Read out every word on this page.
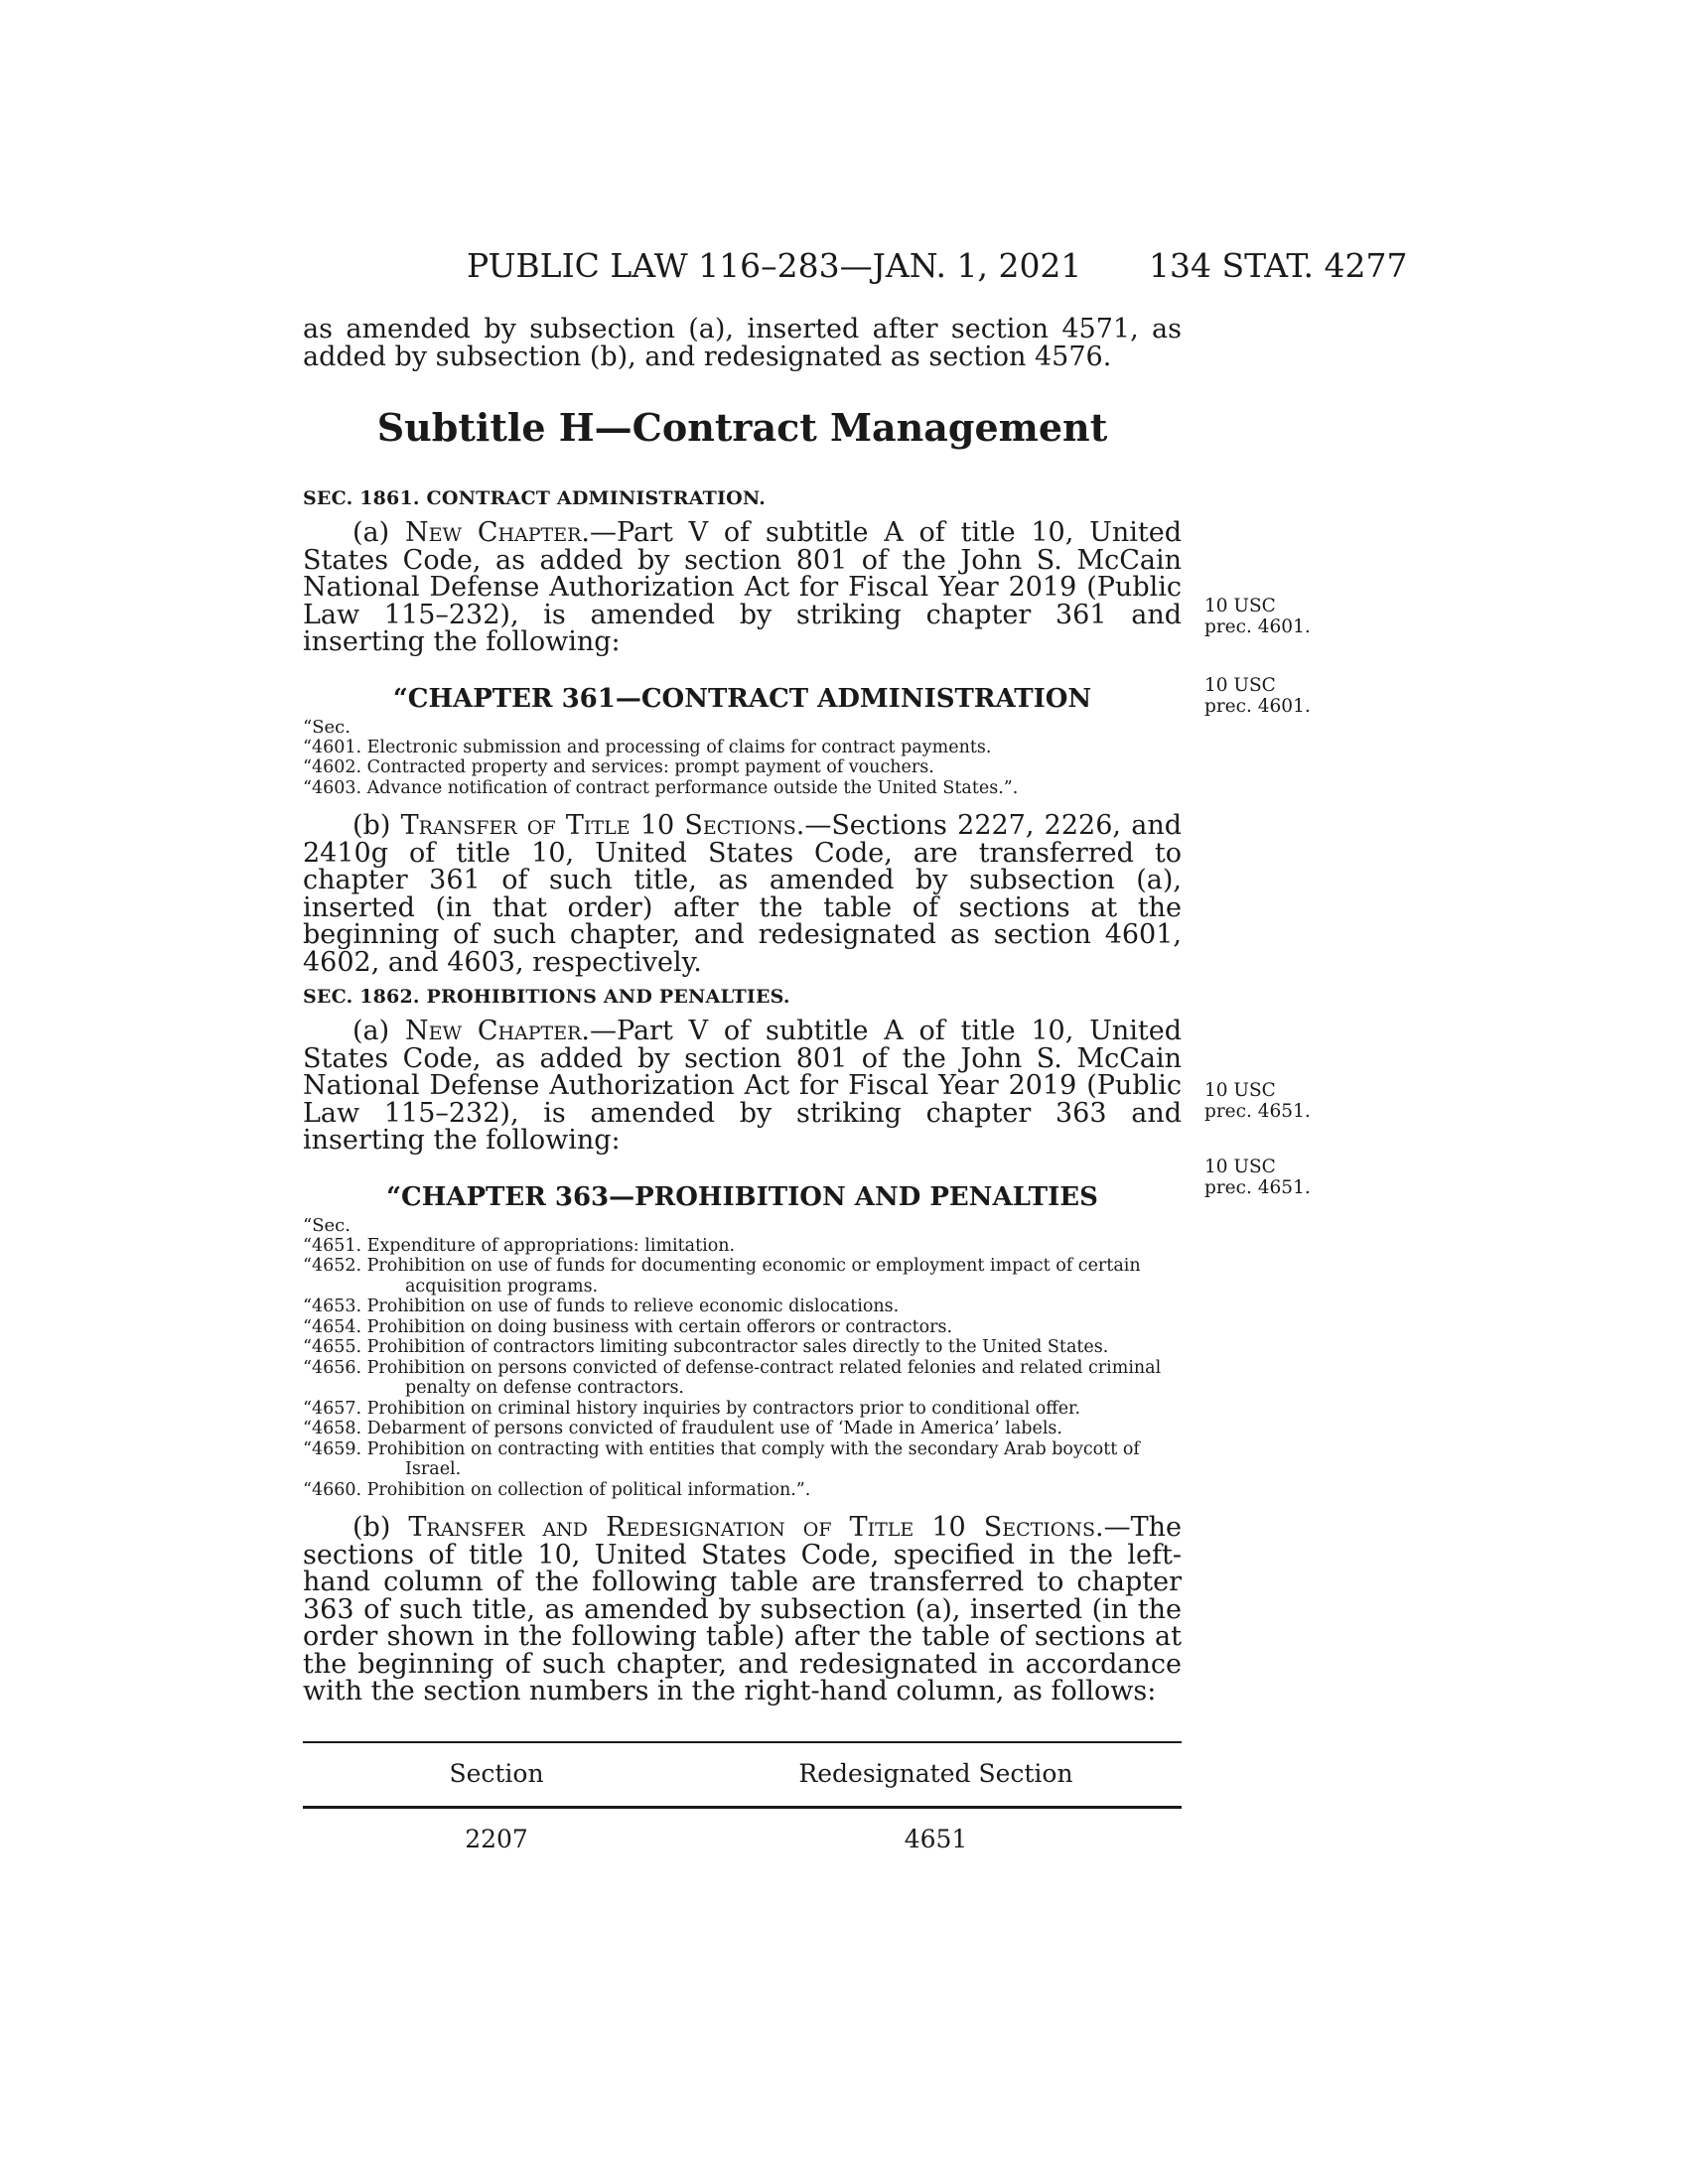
PUBLIC LAW 116–283—JAN. 1, 2021 134 STAT. 4277

as amended by subsection (a), inserted after section 4571, as added by subsection (b), and redesignated as section 4576.

Subtitle H—Contract Management
SEC. 1861. CONTRACT ADMINISTRATION.

(a) New Chapter.—Part V of subtitle A of title 10, United States Code, as added by section 801 of the John S. McCain National Defense Authorization Act for Fiscal Year 2019 (Public Law 115–232), is amended by striking chapter 361 and inserting the following:

“CHAPTER 361—CONTRACT ADMINISTRATION
“Sec.
“4601. Electronic submission and processing of claims for contract payments.
“4602. Contracted property and services: prompt payment of vouchers.
“4603. Advance notification of contract performance outside the United States.”.

(b) Transfer of Title 10 Sections.—Sections 2227, 2226, and 2410g of title 10, United States Code, are transferred to chapter 361 of such title, as amended by subsection (a), inserted (in that order) after the table of sections at the beginning of such chapter, and redesignated as section 4601, 4602, and 4603, respectively.

SEC. 1862. PROHIBITIONS AND PENALTIES.

(a) New Chapter.—Part V of subtitle A of title 10, United States Code, as added by section 801 of the John S. McCain National Defense Authorization Act for Fiscal Year 2019 (Public Law 115–232), is amended by striking chapter 363 and inserting the following:

“CHAPTER 363—PROHIBITION AND PENALTIES
“Sec.
“4651. Expenditure of appropriations: limitation.
“4652. Prohibition on use of funds for documenting economic or employment impact of certain acquisition programs.
“4653. Prohibition on use of funds to relieve economic dislocations.
“4654. Prohibition on doing business with certain offerors or contractors.
“4655. Prohibition of contractors limiting subcontractor sales directly to the United States.
“4656. Prohibition on persons convicted of defense-contract related felonies and related criminal penalty on defense contractors.
“4657. Prohibition on criminal history inquiries by contractors prior to conditional offer.
“4658. Debarment of persons convicted of fraudulent use of ‘Made in America’ labels.
“4659. Prohibition on contracting with entities that comply with the secondary Arab boycott of Israel.
“4660. Prohibition on collection of political information.”.

(b) Transfer and Redesignation of Title 10 Sections.—The sections of title 10, United States Code, specified in the left-hand column of the following table are transferred to chapter 363 of such title, as amended by subsection (a), inserted (in the order shown in the following table) after the table of sections at the beginning of such chapter, and redesignated in accordance with the section numbers in the right-hand column, as follows:

Section	Redesignated Section
2207	4651
10 USC
prec. 4601.
10 USC
prec. 4601.
10 USC
prec. 4651.
10 USC
prec. 4651.
